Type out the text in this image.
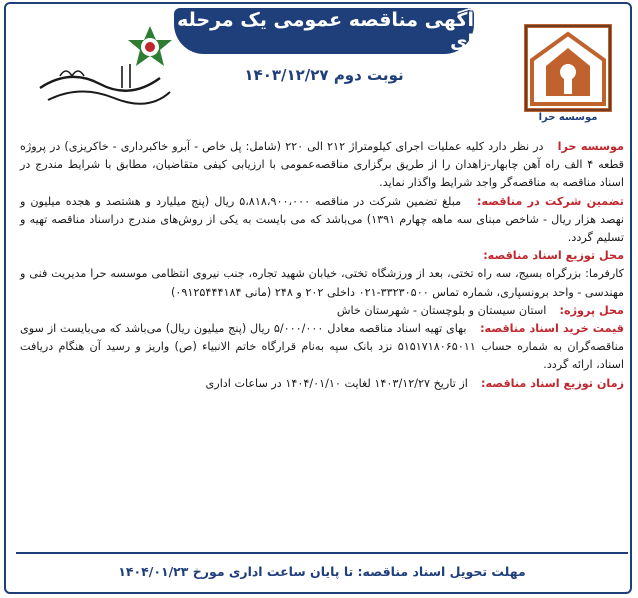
آگهی مناقصه عمومی یک مرحله ای
نوبت دوم ۱۴۰۳/۱۲/۲۷
موسسه حرا

موسسه حرا  در نظر دارد کلیه عملیات اجرای کیلومتراژ ۲۱۲ الی ۲۲۰ (شامل: پل خاص - آبرو خاکبرداری - خاکریزی) در پروژه قطعه ۴ الف راه آهن چابهار-زاهدان را از طریق برگزاری مناقصه‌عمومی با ارزیابی کیفی متقاضیان، مطابق با شرایط مندرج در اسناد مناقصه به مناقصه‌گر واجد شرایط واگذار نماید.

تضمین شرکت در مناقصه:  مبلغ تضمین شرکت در مناقصه ۵،۸۱۸،۹۰۰،۰۰۰ ریال (پنج میلیارد و هشتصد و هجده میلیون و نهصد هزار ریال - شاخص مبنای سه ماهه چهارم ۱۳۹۱) می‌باشد که می بایست به یکی از روش‌های مندرج دراسناد مناقصه تهیه و تسلیم گردد.

محل توزیع اسناد مناقصه:

کارفرما: بزرگراه بسیج، سه راه تختی، بعد از ورزشگاه تختی، خیابان شهید تجاره، جنب نیروی انتظامی موسسه حرا مدیریت فنی و مهندسی - واحد برونسپاری، شماره تماس ۳۳۲۳۰۵۰۰-۰۲۱ داخلی ۲۰۲ و ۲۴۸ (مانی ۰۹۱۲۵۴۴۴۱۸۴)

محل پروژه:  استان سیستان و بلوچستان - شهرستان خاش

قیمت خرید اسناد مناقصه:  بهای تهیه اسناد مناقصه معادل ۵/۰۰۰/۰۰۰ ریال (پنج میلیون ریال) می‌باشد که می‌بایست از سوی مناقصه‌گران به شماره حساب ۵۱۵۱۷۱۸۰۶۵۰۱۱ نزد بانک سپه به‌نام قرارگاه خاتم الانبیاء (ص) واریز و رسید آن هنگام دریافت اسناد، ارائه گردد.

زمان توزیع اسناد مناقصه:  از تاریخ ۱۴۰۳/۱۲/۲۷ لغایت ۱۴۰۴/۰۱/۱۰ در ساعات اداری

مهلت تحویل اسناد مناقصه: تا پایان ساعت اداری مورخ ۱۴۰۴/۰۱/۲۳
